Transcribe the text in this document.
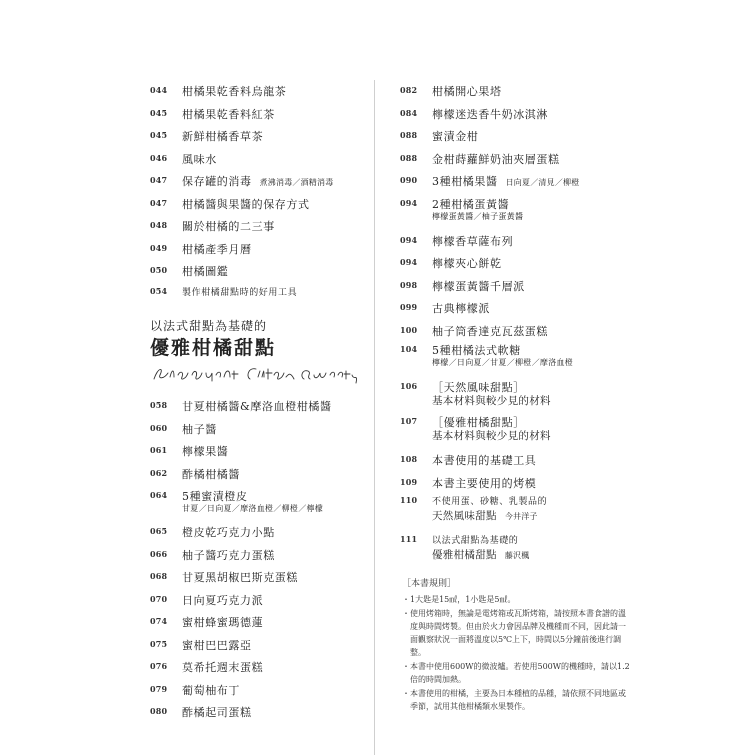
044 柑橘果乾香料烏龍茶
045 柑橘果乾香料紅茶
045 新鮮柑橘香草茶
046 風味水
047 保存罐的消毒 煮沸消毒／酒精消毒
047 柑橘醬與果醬的保存方式
048 關於柑橘的二三事
049 柑橘產季月曆
050 柑橘圖鑑
054 製作柑橘甜點時的好用工具
以法式甜點為基礎的
優雅柑橘甜點
058 甘夏柑橘醬&摩洛血橙柑橘醬
060 柚子醬
061 檸檬果醬
062 酢橘柑橘醬
064 5種蜜漬橙皮
甘夏／日向夏／摩洛血橙／柳橙／檸檬
065 橙皮乾巧克力小點
066 柚子醬巧克力蛋糕
068 甘夏黑胡椒巴斯克蛋糕
070 日向夏巧克力派
074 蜜柑蜂蜜瑪德蓮
075 蜜柑巴巴露亞
076 莫希托週末蛋糕
079 葡萄柚布丁
080 酢橘起司蛋糕
082 柑橘開心果塔
084 檸檬迷迭香牛奶冰淇淋
088 蜜漬金柑
088 金柑蒔蘿鮮奶油夾層蛋糕
090 3種柑橘果醬 日向夏／清見／柳橙
094 2種柑橘蛋黃醬
檸檬蛋黃醬／柚子蛋黃醬
094 檸檬香草薩布列
094 檸檬夾心餅乾
098 檸檬蛋黃醬千層派
099 古典檸檬派
100 柚子筒香達克瓦茲蛋糕
104 5種柑橘法式軟糖
檸檬／日向夏／甘夏／柳橙／摩洛血橙
106 ［天然風味甜點］
基本材料與較少見的材料
107 ［優雅柑橘甜點］
基本材料與較少見的材料
108 本書使用的基礎工具
109 本書主要使用的烤模
110 不使用蛋、砂糖、乳製品的
天然風味甜點 今井洋子
111 以法式甜點為基礎的
優雅柑橘甜點 藤沢楓
［本書規則］
・1大匙是15㎖，1小匙是5㎖。
・使用烤箱時，無論是電烤箱或瓦斯烤箱，請按照本書食譜的溫度與時間烤製。但由於火力會因品牌及機種而不同，因此請一面觀察狀況一面將溫度以5℃上下，時間以5分鐘前後進行調整。
・本書中使用600W的微波爐。若使用500W的機種時，請以1.2倍的時間加熱。
・本書使用的柑橘，主要為日本種植的品種，請依照不同地區或季節，試用其他柑橘類水果製作。
